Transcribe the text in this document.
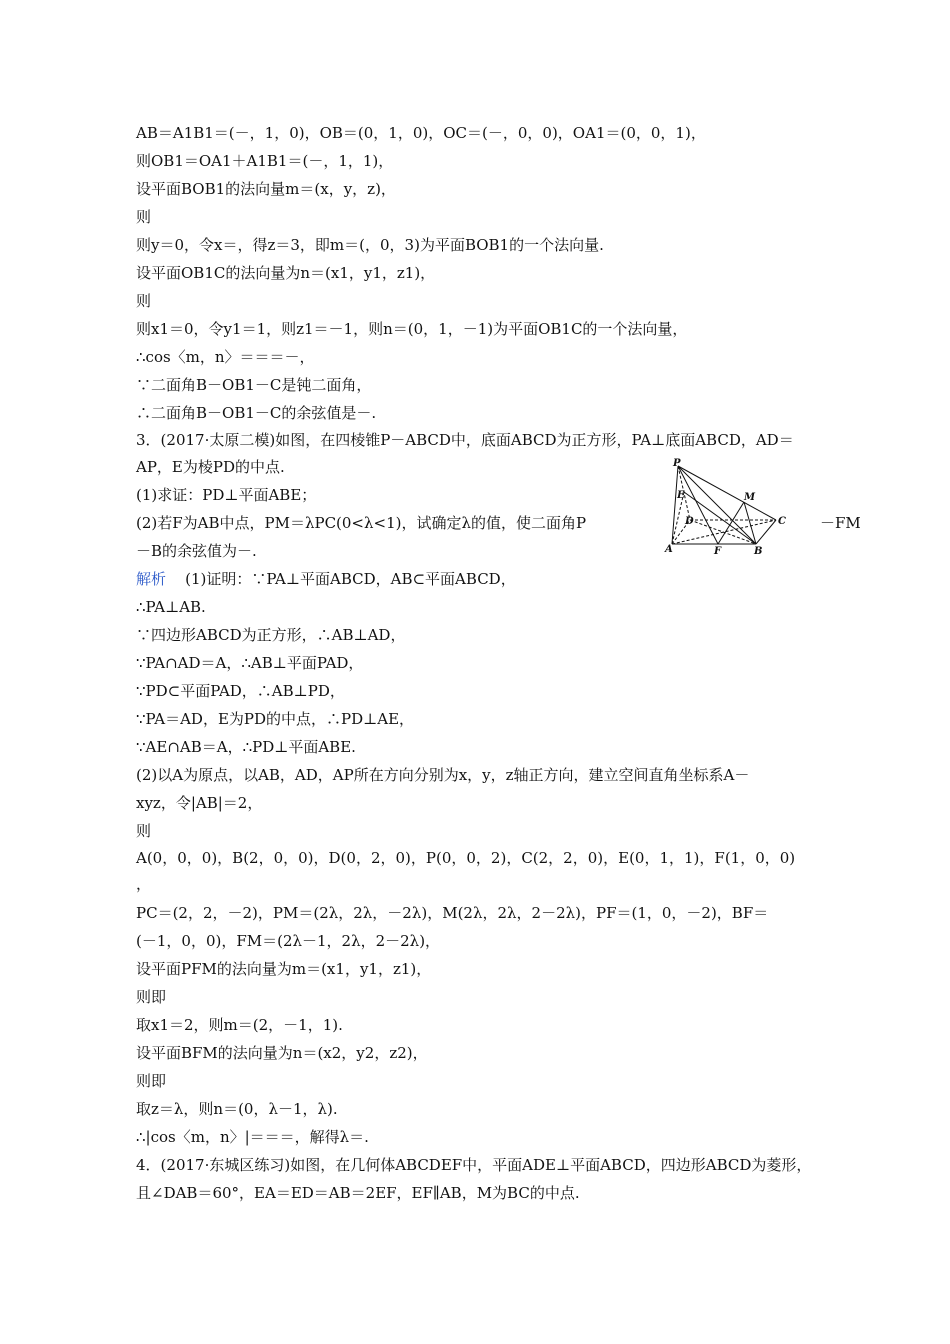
AB＝A1B1＝(－，1，0)，OB＝(0，1，0)，OC＝(－，0，0)，OA1＝(0，0，1)，
则OB1＝OA1＋A1B1＝(－，1，1)，
设平面BOB1的法向量m＝(x，y，z)，
则
则y＝0，令x＝，得z＝3，即m＝(，0，3)为平面BOB1的一个法向量.
设平面OB1C的法向量为n＝(x1，y1，z1)，
则
则x1＝0，令y1＝1，则z1＝－1，则n＝(0，1，－1)为平面OB1C的一个法向量，
∴cos〈m，n〉＝＝＝－，
∵二面角B－OB1－C是钝二面角，
∴二面角B－OB1－C的余弦值是－.
3．(2017·太原二模)如图，在四棱锥P－ABCD中，底面ABCD为正方形，PA⊥底面ABCD，AD＝
AP，E为棱PD的中点.
(1)求证：PD⊥平面ABE；
(2)若F为AB中点，PM＝λPC(0<λ<1)，试确定λ的值，使二面角P	－FM
－B的余弦值为－.
解析 (1)证明：∵PA⊥平面ABCD，AB⊂平面ABCD，
∴PA⊥AB.
∵四边形ABCD为正方形，∴AB⊥AD，
∵PA∩AD＝A，∴AB⊥平面PAD，
∵PD⊂平面PAD，∴AB⊥PD，
∵PA＝AD，E为PD的中点，∴PD⊥AE，
∵AE∩AB＝A，∴PD⊥平面ABE.
(2)以A为原点，以AB，AD，AP所在方向分别为x，y，z轴正方向，建立空间直角坐标系A－
xyz，令|AB|＝2，
则
A(0，0，0)，B(2，0，0)，D(0，2，0)，P(0，0，2)，C(2，2，0)，E(0，1，1)，F(1，0，0)
，
PC＝(2，2，－2)，PM＝(2λ，2λ，－2λ)，M(2λ，2λ，2－2λ)，PF＝(1，0，－2)，BF＝
(－1，0，0)，FM＝(2λ－1，2λ，2－2λ)，
设平面PFM的法向量为m＝(x1，y1，z1)，
则即
取x1＝2，则m＝(2，－1，1).
设平面BFM的法向量为n＝(x2，y2，z2)，
则即
取z＝λ，则n＝(0，λ－1，λ).
∴|cos〈m，n〉|＝＝＝，解得λ＝.
4．(2017·东城区练习)如图，在几何体ABCDEF中，平面ADE⊥平面ABCD，四边形ABCD为菱形，
且∠DAB＝60°，EA＝ED＝AB＝2EF，EF∥AB，M为BC的中点.
P
E	M
D	C
A	F	B
